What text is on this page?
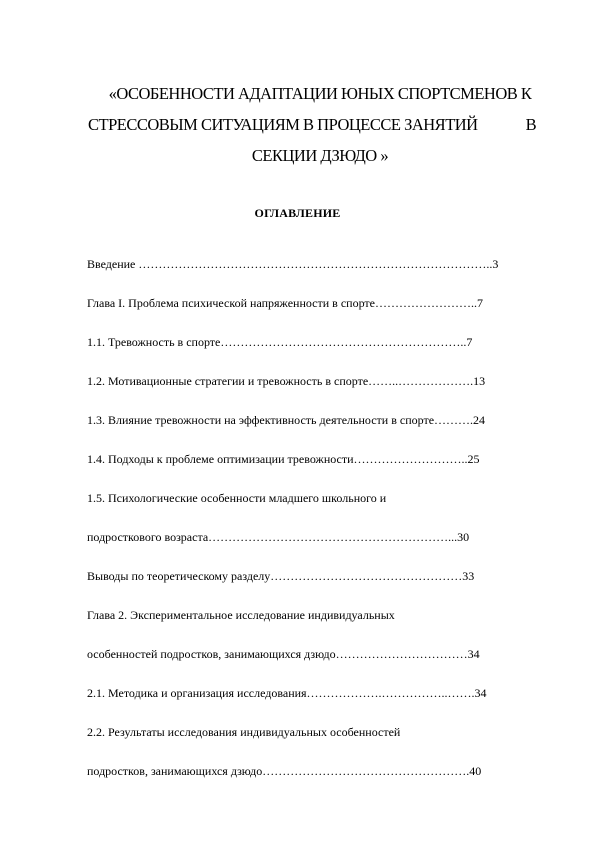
«ОСОБЕННОСТИ АДАПТАЦИИ ЮНЫХ СПОРТСМЕНОВ К
СТРЕССОВЫМ СИТУАЦИЯМ В ПРОЦЕССЕ ЗАНЯТИЙ	В
СЕКЦИИ ДЗЮДО »
ОГЛАВЛЕНИЕ
Введение ……………………………………………………………………………..3
Глава I. Проблема психической напряженности в спорте……………………..7
1.1. Тревожность в спорте……………………………………………………..7
1.2. Мотивационные стратегии и тревожность в спорте……..……………….13
1.3. Влияние тревожности на эффективность деятельности в спорте……….24
1.4. Подходы к проблеме оптимизации тревожности………………………..25
1.5. Психологические особенности младшего школьного и
подросткового возраста……………………………………………………...30
Выводы по теоретическому разделу…………………………………………33
Глава 2. Экспериментальное исследование индивидуальных
особенностей подростков, занимающихся дзюдо……………………………34
2.1. Методика и организация исследования……………….……………..…….34
2.2. Результаты исследования индивидуальных особенностей
подростков, занимающихся дзюдо…………………………………………….40
